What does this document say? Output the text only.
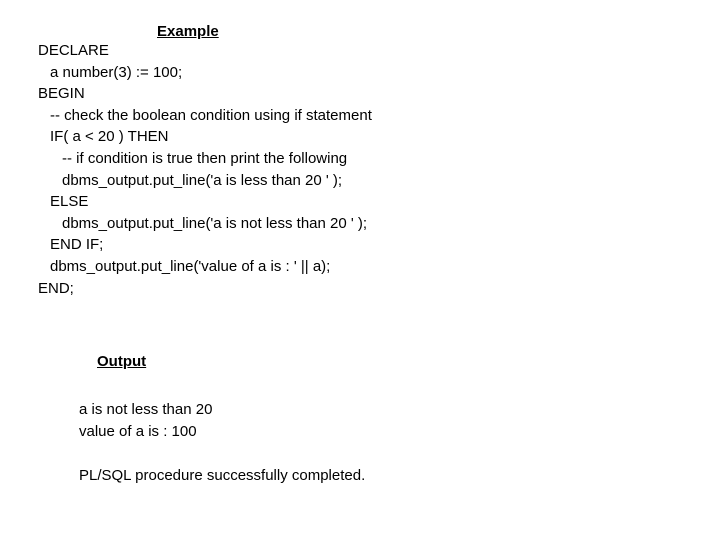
Example
DECLARE
a number(3) := 100;
BEGIN
-- check the boolean condition using if statement
IF( a < 20 ) THEN
-- if condition is true then print the following
dbms_output.put_line('a is less than 20 ' );
ELSE
dbms_output.put_line('a is not less than 20 ' );
END IF;
dbms_output.put_line('value of a is : ' || a);
END;
Output
a is not less than 20
value of a is : 100
PL/SQL procedure successfully completed.
